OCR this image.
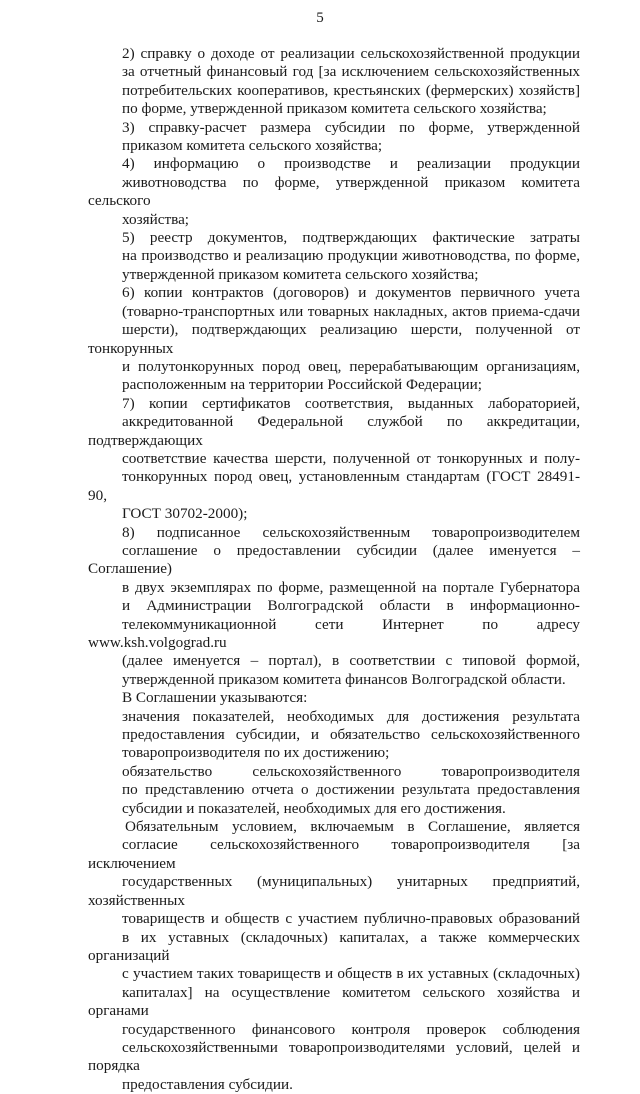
5
2) справку о доходе от реализации сельскохозяйственной продукции
за отчетный финансовый год [за исключением сельскохозяйственных
потребительских кооперативов, крестьянских (фермерских) хозяйств]
по форме, утвержденной приказом комитета сельского хозяйства;
3) справку-расчет размера субсидии по форме, утвержденной
приказом комитета сельского хозяйства;
4) информацию о производстве и реализации продукции
животноводства по форме, утвержденной приказом комитета сельского
хозяйства;
5) реестр документов, подтверждающих фактические затраты
на производство и реализацию продукции животноводства, по форме,
утвержденной приказом комитета сельского хозяйства;
6) копии контрактов (договоров) и документов первичного учета
(товарно-транспортных или товарных накладных, актов приема-сдачи
шерсти), подтверждающих реализацию шерсти, полученной от тонкорунных
и полутонкорунных пород овец, перерабатывающим организациям,
расположенным на территории Российской Федерации;
7) копии сертификатов соответствия, выданных лабораторией,
аккредитованной Федеральной службой по аккредитации, подтверждающих
соответствие качества шерсти, полученной от тонкорунных и полу-
тонкорунных пород овец, установленным стандартам (ГОСТ 28491-90,
ГОСТ 30702-2000);
8) подписанное сельскохозяйственным товаропроизводителем
соглашение о предоставлении субсидии (далее именуется – Соглашение)
в двух экземплярах по форме, размещенной на портале Губернатора
и Администрации Волгоградской области в информационно-
телекоммуникационной сети Интернет по адресу www.ksh.volgograd.ru
(далее именуется – портал), в соответствии с типовой формой,
утвержденной приказом комитета финансов Волгоградской области.
В Соглашении указываются:
значения показателей, необходимых для достижения результата
предоставления субсидии, и обязательство сельскохозяйственного
товаропроизводителя по их достижению;
обязательство сельскохозяйственного товаропроизводителя
по представлению отчета о достижении результата предоставления
субсидии и показателей, необходимых для его достижения.
Обязательным условием, включаемым в Соглашение, является
согласие сельскохозяйственного товаропроизводителя [за исключением
государственных (муниципальных) унитарных предприятий, хозяйственных
товариществ и обществ с участием публично-правовых образований
в их уставных (складочных) капиталах, а также коммерческих организаций
с участием таких товариществ и обществ в их уставных (складочных)
капиталах] на осуществление комитетом сельского хозяйства и органами
государственного финансового контроля проверок соблюдения
сельскохозяйственными товаропроизводителями условий, целей и порядка
предоставления субсидии.
